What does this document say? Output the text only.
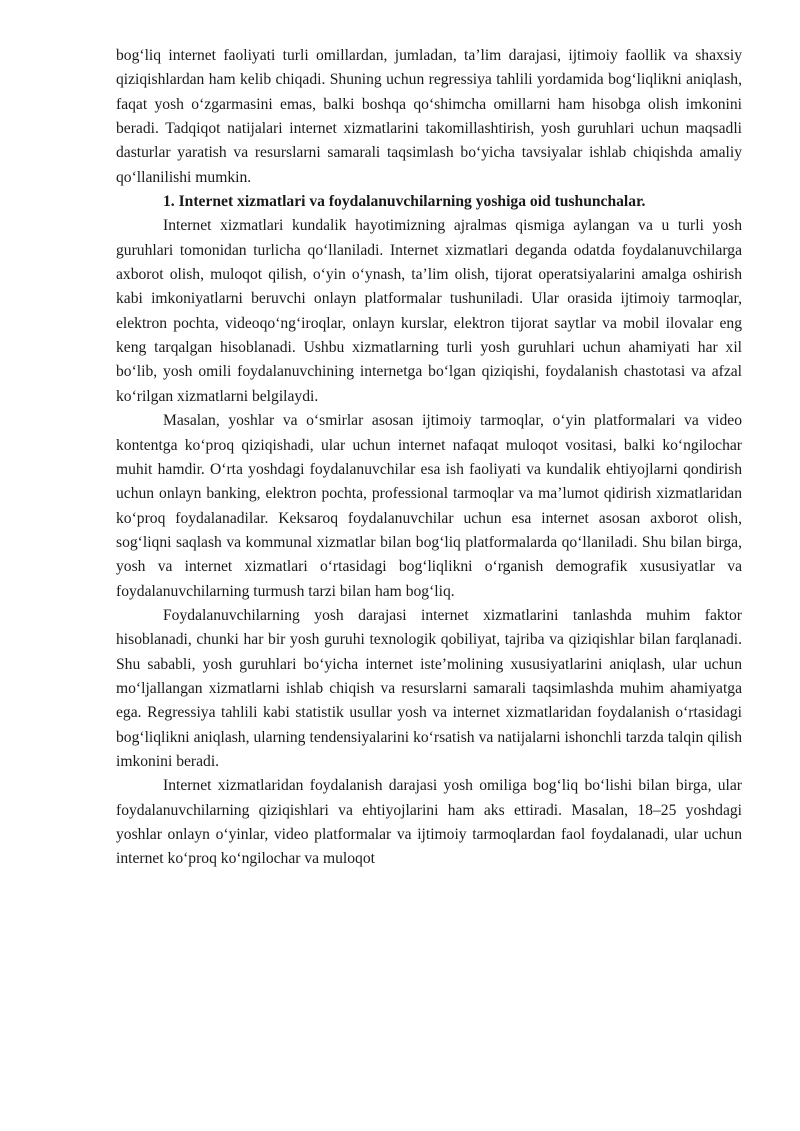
bog‘liq internet faoliyati turli omillardan, jumladan, ta’lim darajasi, ijtimoiy faollik va shaxsiy qiziqishlardan ham kelib chiqadi. Shuning uchun regressiya tahlili yordamida bog‘liqlikni aniqlash, faqat yosh o‘zgarmasini emas, balki boshqa qo‘shimcha omillarni ham hisobga olish imkonini beradi. Tadqiqot natijalari internet xizmatlarini takomillashtirish, yosh guruhlari uchun maqsadli dasturlar yaratish va resurslarni samarali taqsimlash bo‘yicha tavsiyalar ishlab chiqishda amaliy qo‘llanilishi mumkin.

1. Internet xizmatlari va foydalanuvchilarning yoshiga oid tushunchalar.

Internet xizmatlari kundalik hayotimizning ajralmas qismiga aylangan va u turli yosh guruhlari tomonidan turlicha qo‘llaniladi. Internet xizmatlari deganda odatda foydalanuvchilarga axborot olish, muloqot qilish, o‘yin o‘ynash, ta’lim olish, tijorat operatsiyalarini amalga oshirish kabi imkoniyatlarni beruvchi onlayn platformalar tushuniladi. Ular orasida ijtimoiy tarmoqlar, elektron pochta, videoqo‘ng‘iroqlar, onlayn kurslar, elektron tijorat saytlar va mobil ilovalar eng keng tarqalgan hisoblanadi. Ushbu xizmatlarning turli yosh guruhlari uchun ahamiyati har xil bo‘lib, yosh omili foydalanuvchining internetga bo‘lgan qiziqishi, foydalanish chastotasi va afzal ko‘rilgan xizmatlarni belgilaydi.

Masalan, yoshlar va o‘smirlar asosan ijtimoiy tarmoqlar, o‘yin platformalari va video kontentga ko‘proq qiziqishadi, ular uchun internet nafaqat muloqot vositasi, balki ko‘ngilochar muhit hamdir. O‘rta yoshdagi foydalanuvchilar esa ish faoliyati va kundalik ehtiyojlarni qondirish uchun onlayn banking, elektron pochta, professional tarmoqlar va ma’lumot qidirish xizmatlaridan ko‘proq foydalanadilar. Keksaroq foydalanuvchilar uchun esa internet asosan axborot olish, sog‘liqni saqlash va kommunal xizmatlar bilan bog‘liq platformalarda qo‘llaniladi. Shu bilan birga, yosh va internet xizmatlari o‘rtasidagi bog‘liqlikni o‘rganish demografik xususiyatlar va foydalanuvchilarning turmush tarzi bilan ham bog‘liq.

Foydalanuvchilarning yosh darajasi internet xizmatlarini tanlashda muhim faktor hisoblanadi, chunki har bir yosh guruhi texnologik qobiliyat, tajriba va qiziqishlar bilan farqlanadi. Shu sababli, yosh guruhlari bo‘yicha internet iste’molining xususiyatlarini aniqlash, ular uchun mo‘ljallangan xizmatlarni ishlab chiqish va resurslarni samarali taqsimlashda muhim ahamiyatga ega. Regressiya tahlili kabi statistik usullar yosh va internet xizmatlaridan foydalanish o‘rtasidagi bog‘liqlikni aniqlash, ularning tendensiyalarini ko‘rsatish va natijalarni ishonchli tarzda talqin qilish imkonini beradi.

Internet xizmatlaridan foydalanish darajasi yosh omiliga bog‘liq bo‘lishi bilan birga, ular foydalanuvchilarning qiziqishlari va ehtiyojlarini ham aks ettiradi. Masalan, 18–25 yoshdagi yoshlar onlayn o‘yinlar, video platformalar va ijtimoiy tarmoqlardan faol foydalanadi, ular uchun internet ko‘proq ko‘ngilochar va muloqot
